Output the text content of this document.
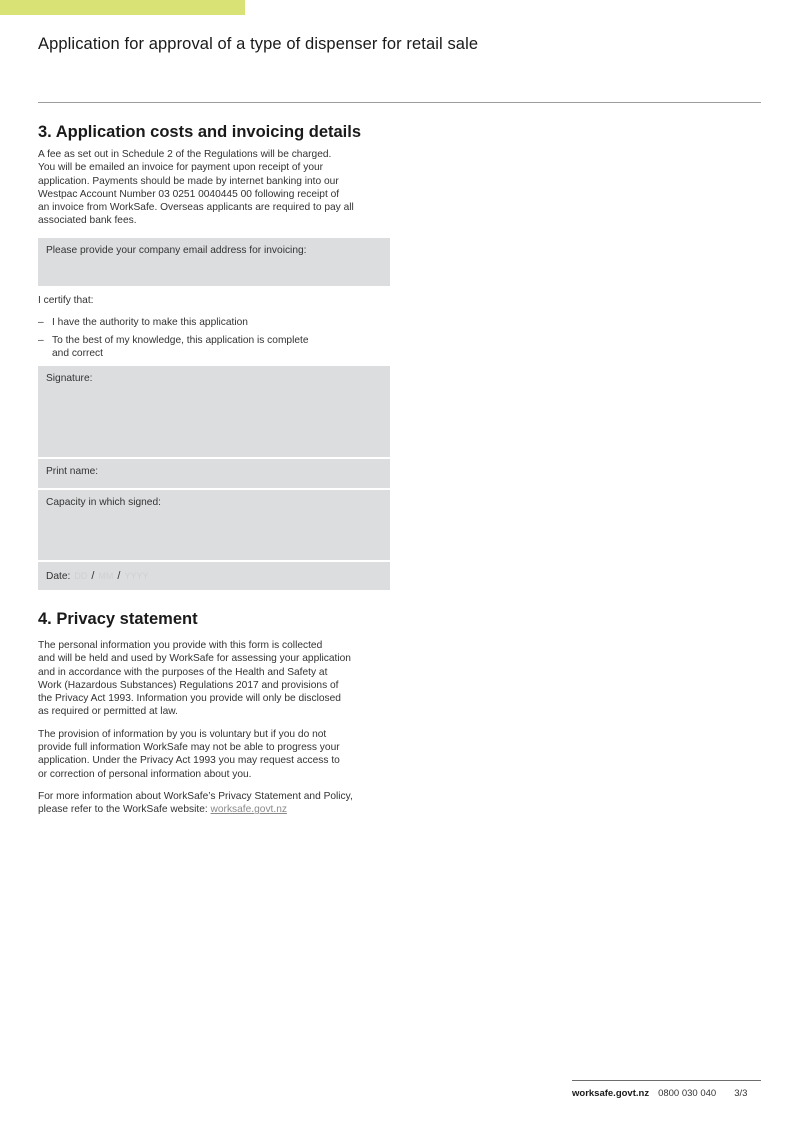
Application for approval of a type of dispenser for retail sale
3. Application costs and invoicing details

A fee as set out in Schedule 2 of the Regulations will be charged.
You will be emailed an invoice for payment upon receipt of your
application. Payments should be made by internet banking into our
Westpac Account Number 03 0251 0040445 00 following receipt of
an invoice from WorkSafe. Overseas applicants are required to pay all
associated bank fees.

Please provide your company email address for invoicing:

I certify that:

– I have the authority to make this application
– To the best of my knowledge, this application is complete
and correct
Signature:
Print name:
Capacity in which signed:
Date: DD / MM / YYYY
4. Privacy statement

The personal information you provide with this form is collected
and will be held and used by WorkSafe for assessing your application
and in accordance with the purposes of the Health and Safety at
Work (Hazardous Substances) Regulations 2017 and provisions of
the Privacy Act 1993. Information you provide will only be disclosed
as required or permitted at law.

The provision of information by you is voluntary but if you do not
provide full information WorkSafe may not be able to progress your
application. Under the Privacy Act 1993 you may request access to
or correction of personal information about you.

For more information about WorkSafe’s Privacy Statement and Policy,
please refer to the WorkSafe website: worksafe.govt.nz

worksafe.govt.nz 0800 030 040 3/3
